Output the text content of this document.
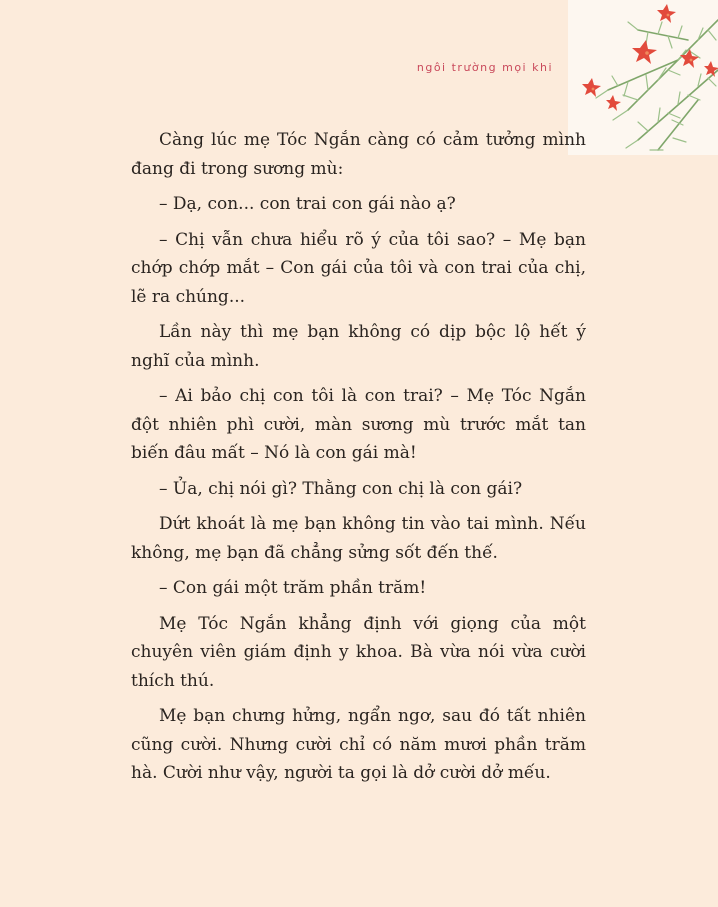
ngôi trường mọi khi

Càng lúc mẹ Tóc Ngắn càng có cảm tưởng mình đang đi trong sương mù:

– Dạ, con... con trai con gái nào ạ?

– Chị vẫn chưa hiểu rõ ý của tôi sao? – Mẹ bạn chớp chớp mắt – Con gái của tôi và con trai của chị, lẽ ra chúng...

Lần này thì mẹ bạn không có dịp bộc lộ hết ý nghĩ của mình.

– Ai bảo chị con tôi là con trai? – Mẹ Tóc Ngắn đột nhiên phì cười, màn sương mù trước mắt tan biến đâu mất – Nó là con gái mà!

– Ủa, chị nói gì? Thằng con chị là con gái?

Dứt khoát là mẹ bạn không tin vào tai mình. Nếu không, mẹ bạn đã chẳng sửng sốt đến thế.

– Con gái một trăm phần trăm!

Mẹ Tóc Ngắn khẳng định với giọng của một chuyên viên giám định y khoa. Bà vừa nói vừa cười thích thú.

Mẹ bạn chưng hửng, ngẩn ngơ, sau đó tất nhiên cũng cười. Nhưng cười chỉ có năm mươi phần trăm hà. Cười như vậy, người ta gọi là dở cười dở mếu.
